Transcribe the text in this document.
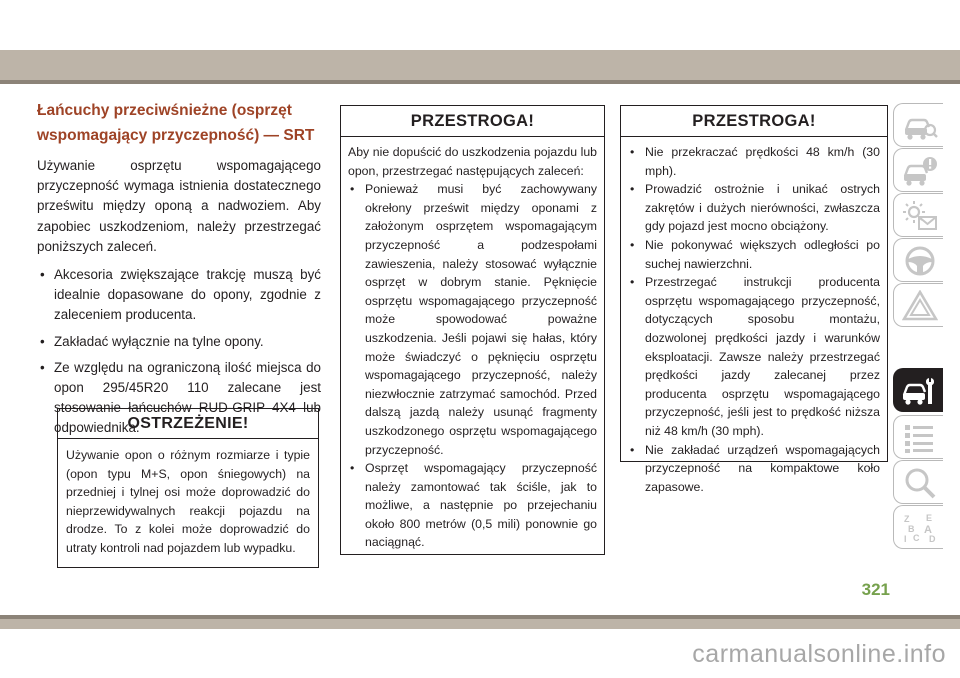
Łańcuchy przeciwśnieżne (osprzęt
wspomagający przyczepność) — SRT

Używanie osprzętu wspomagającego przyczepność wymaga istnienia dostatecznego prześwitu między oponą a nadwoziem. Aby zapobiec uszkodzeniom, należy przestrzegać poniższych zaleceń.

• Akcesoria zwiększające trakcję muszą być idealnie dopasowane do opony, zgodnie z zaleceniem producenta.
• Zakładać wyłącznie na tylne opony.
• Ze względu na ograniczoną ilość miejsca do opon 295/45R20 110 zalecane jest stosowanie łańcuchów RUD-GRIP 4X4 lub odpowiednika.
OSTRZEŻENIE!
Używanie opon o różnym rozmiarze i typie (opon typu M+S, opon śniegowych) na przedniej i tylnej osi może doprowadzić do nieprzewidywalnych reakcji pojazdu na drodze. To z kolei może doprowadzić do utraty kontroli nad pojazdem lub wypadku.
PRZESTROGA!

Aby nie dopuścić do uszkodzenia pojazdu lub opon, przestrzegać następujących zaleceń:

• Ponieważ musi być zachowywany okrełony prześwit między oponami z założonym osprzętem wspomagającym przyczepność a podzespołami zawieszenia, należy stosować wyłącznie osprzęt w dobrym stanie. Pęknięcie osprzętu wspomagającego przyczepność może spowodować poważne uszkodzenia. Jeśli pojawi się hałas, który może świadczyć o pęknięciu osprzętu wspomagającego przyczepność, należy niezwłocznie zatrzymać samochód. Przed dalszą jazdą należy usunąć fragmenty uszkodzonego osprzętu wspomagającego przyczepność.
• Osprzęt wspomagający przyczepność należy zamontować tak ściśle, jak to możliwe, a następnie po przejechaniu około 800 metrów (0,5 mili) ponownie go naciągnąć.
PRZESTROGA!
• Nie przekraczać prędkości 48 km/h (30 mph).
• Prowadzić ostrożnie i unikać ostrych zakrętów i dużych nierówności, zwłaszcza gdy pojazd jest mocno obciążony.
• Nie pokonywać większych odległości po suchej nawierzchni.
• Przestrzegać instrukcji producenta osprzętu wspomagającego przyczepność, dotyczących sposobu montażu, dozwolonej prędkości jazdy i warunków eksploatacji. Zawsze należy przestrzegać prędkości jazdy zalecanej przez producenta osprzętu wspomagającego przyczepność, jeśli jest to prędkość niższa niż 48 km/h (30 mph).
• Nie zakładać urządzeń wspomagających przyczepność na kompaktowe koło zapasowe.
Z E
B A
C D
I
321
carmanualsonline.info
